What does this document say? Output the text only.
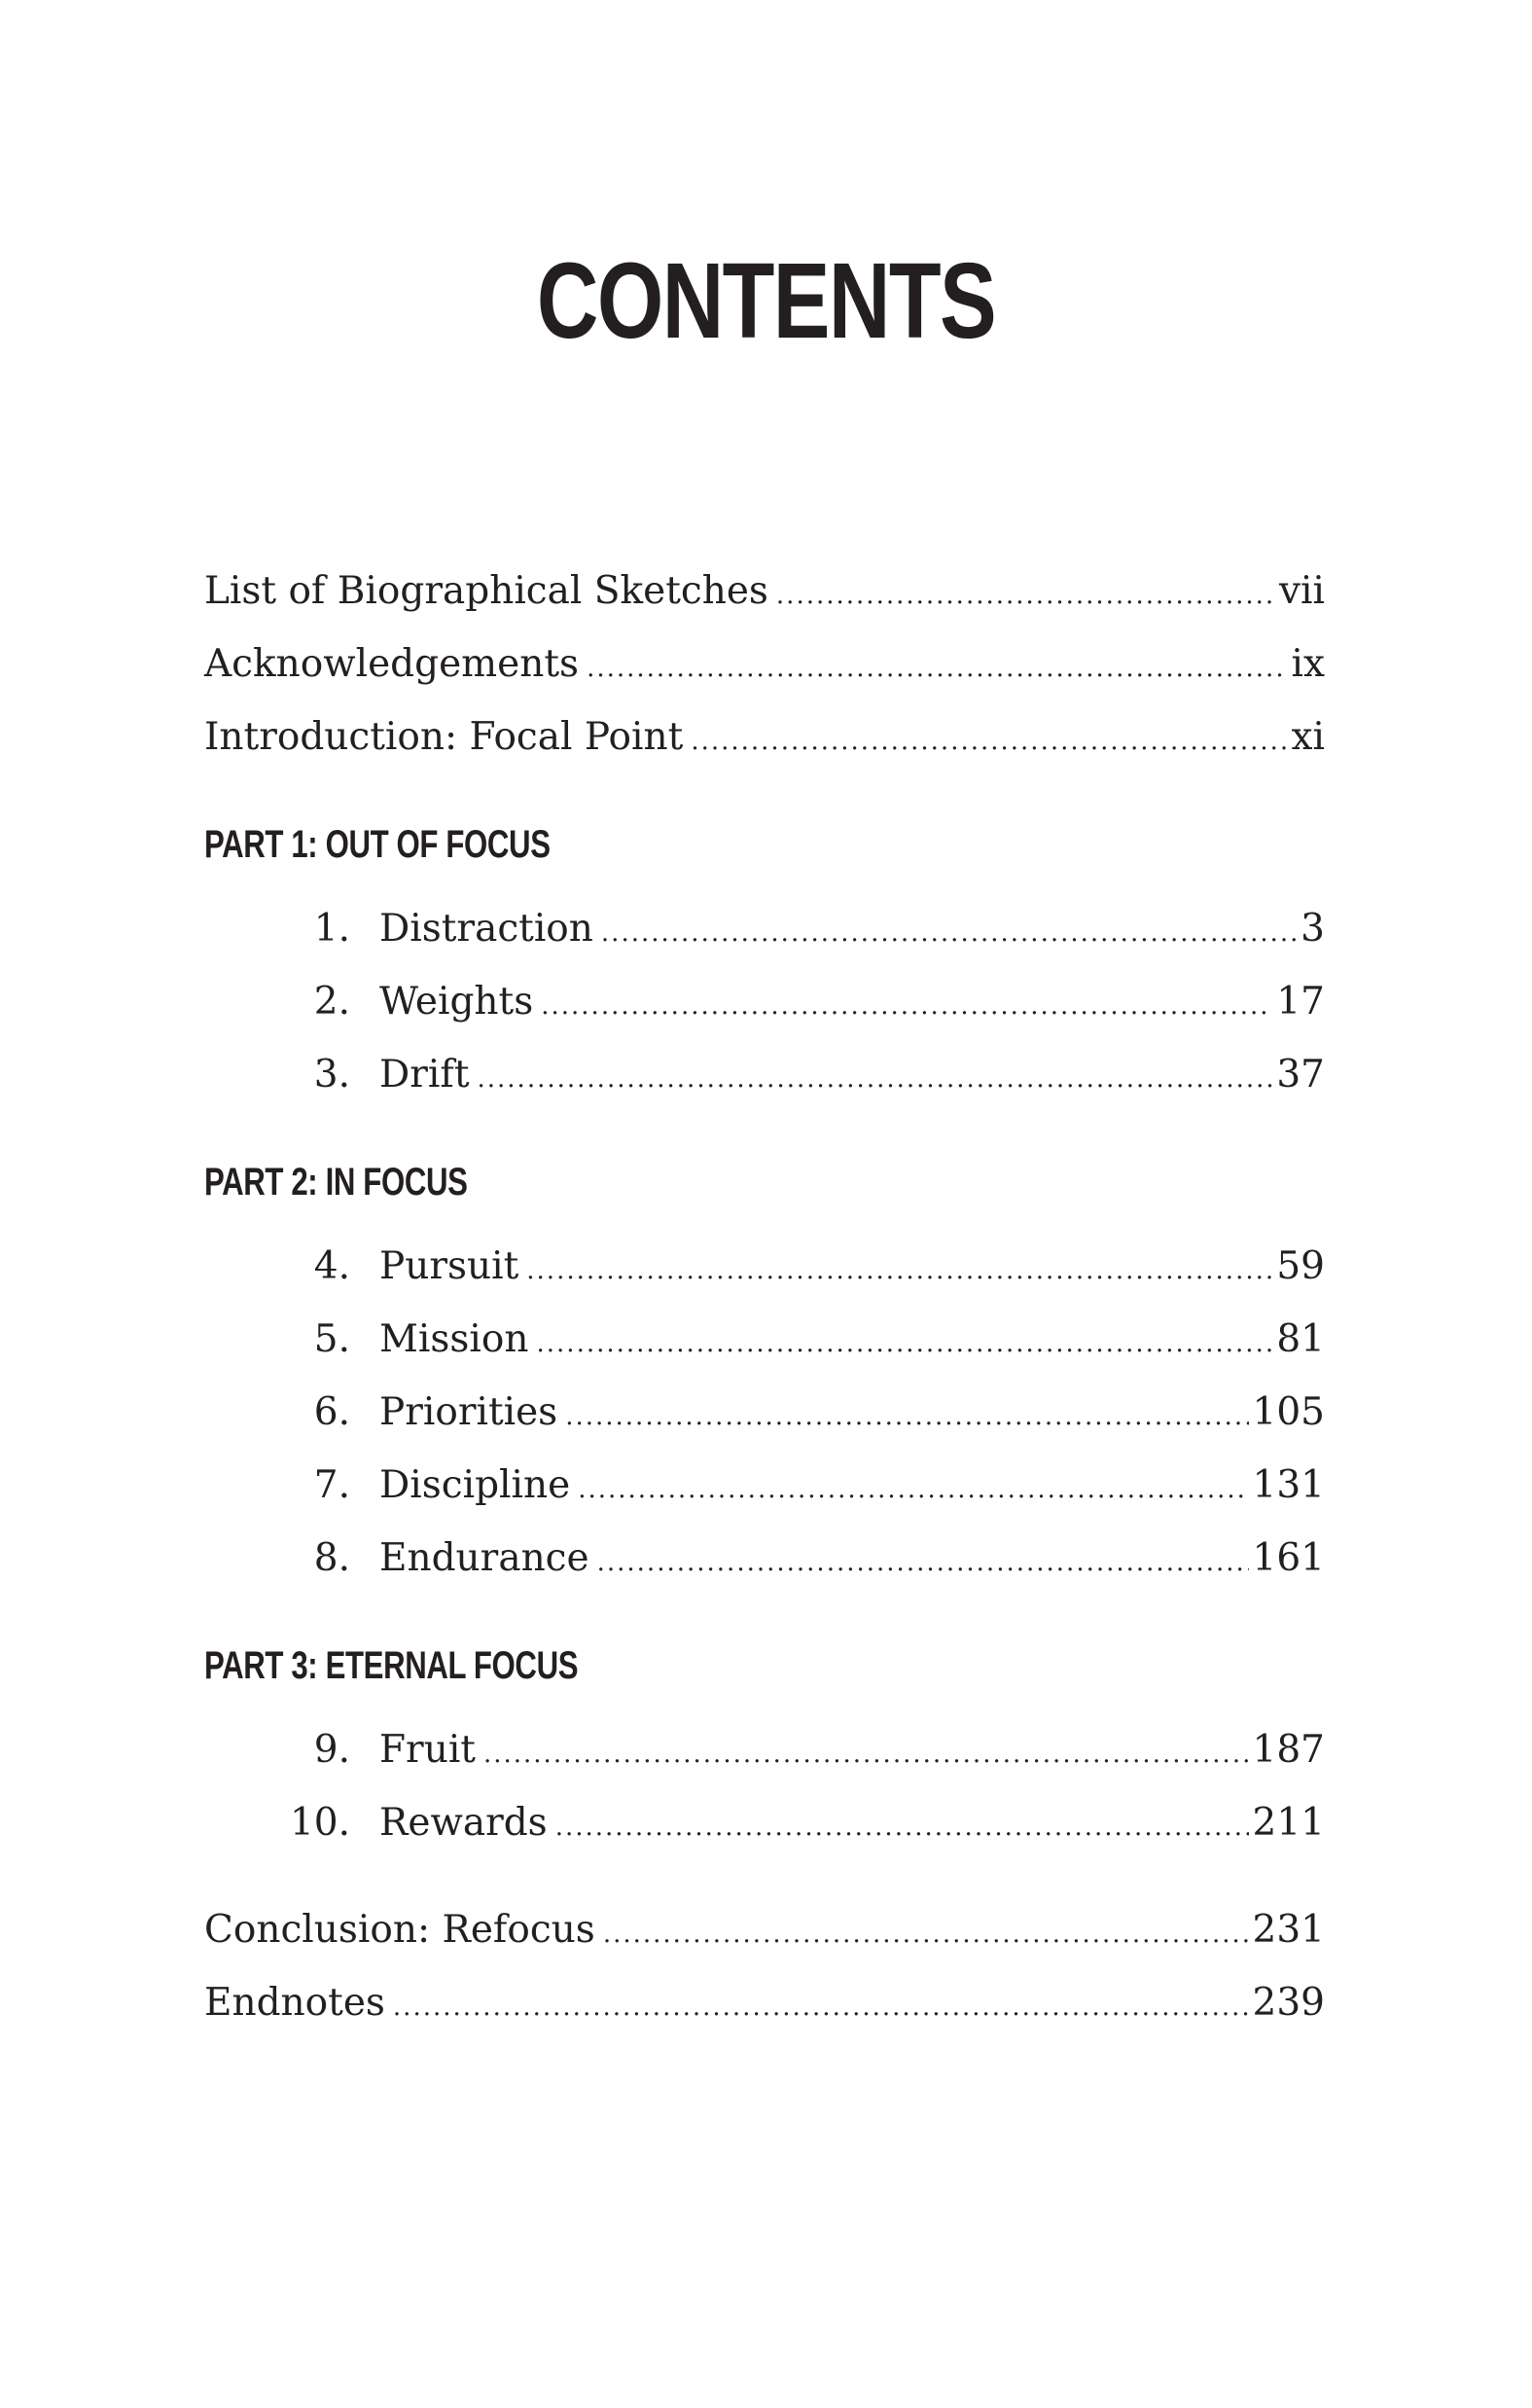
CONTENTS
List of Biographical Sketches .....	vii
Acknowledgements .....	ix
Introduction: Focal Point .....	xi
PART 1: OUT OF FOCUS
1. Distraction .....	3
2. Weights .....	17
3. Drift .....	37
PART 2: IN FOCUS
4. Pursuit .....	59
5. Mission .....	81
6. Priorities .....	105
7. Discipline .....	131
8. Endurance .....	161
PART 3: ETERNAL FOCUS
9. Fruit .....	187
10. Rewards .....	211
Conclusion: Refocus .....	231
Endnotes .....	239
